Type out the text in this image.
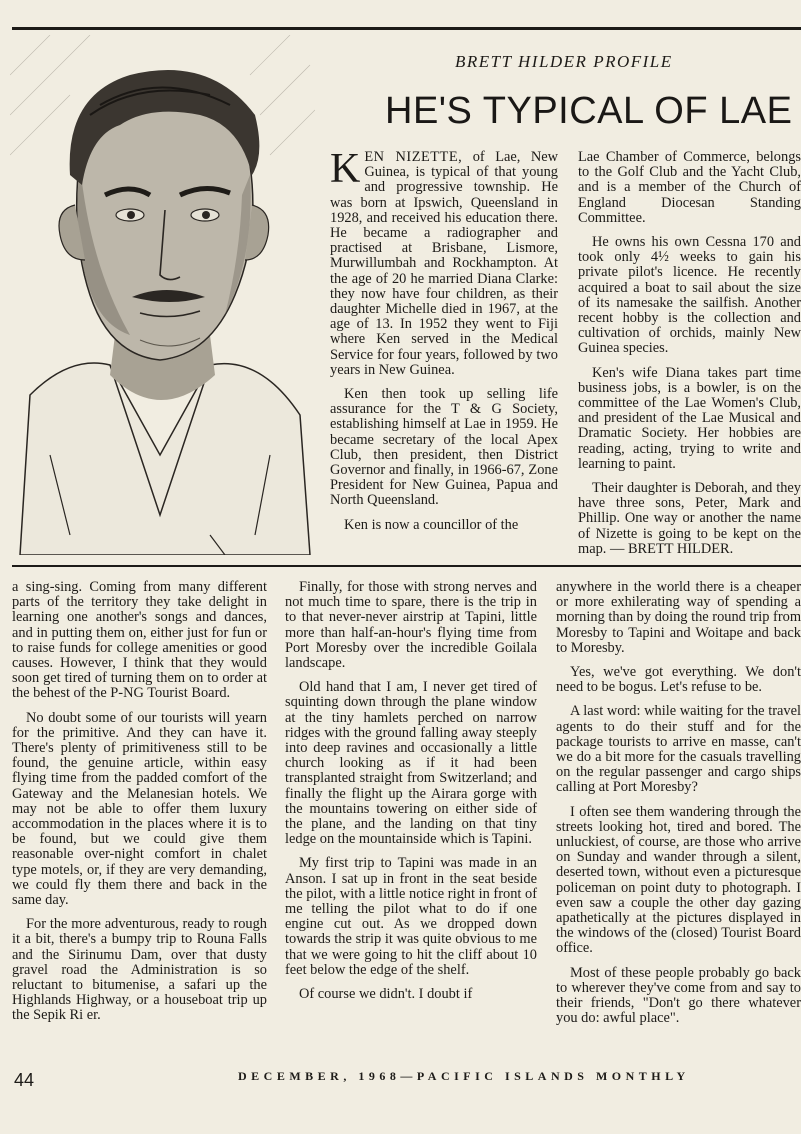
BRETT HILDER PROFILE
HE'S TYPICAL OF LAE

KEN NIZETTE, of Lae, New Guinea, is typical of that young and progressive township. He was born at Ipswich, Queensland in 1928, and received his education there. He became a radiographer and practised at Brisbane, Lismore, Murwillumbah and Rockhampton. At the age of 20 he married Diana Clarke: they now have four children, as their daughter Michelle died in 1967, at the age of 13. In 1952 they went to Fiji where Ken served in the Medical Service for four years, followed by two years in New Guinea.

Ken then took up selling life assurance for the T & G Society, establishing himself at Lae in 1959. He became secretary of the local Apex Club, then president, then District Governor and finally, in 1966-67, Zone President for New Guinea, Papua and North Queensland.

Ken is now a councillor of the

Lae Chamber of Commerce, belongs to the Golf Club and the Yacht Club, and is a member of the Church of England Diocesan Standing Committee.

He owns his own Cessna 170 and took only 4½ weeks to gain his private pilot's licence. He recently acquired a boat to sail about the size of its namesake the sailfish. Another recent hobby is the collection and cultivation of orchids, mainly New Guinea species.

Ken's wife Diana takes part time business jobs, is a bowler, is on the committee of the Lae Women's Club, and president of the Lae Musical and Dramatic Society. Her hobbies are reading, acting, trying to write and learning to paint.

Their daughter is Deborah, and they have three sons, Peter, Mark and Phillip. One way or another the name of Nizette is going to be kept on the map. — BRETT HILDER.

a sing-sing. Coming from many different parts of the territory they take delight in learning one another's songs and dances, and in putting them on, either just for fun or to raise funds for college amenities or good causes. However, I think that they would soon get tired of turning them on to order at the behest of the P-NG Tourist Board.

No doubt some of our tourists will yearn for the primitive. And they can have it. There's plenty of primitiveness still to be found, the genuine article, within easy flying time from the padded comfort of the Gateway and the Melanesian hotels. We may not be able to offer them luxury accommodation in the places where it is to be found, but we could give them reasonable over-night comfort in chalet type motels, or, if they are very demanding, we could fly them there and back in the same day.

For the more adventurous, ready to rough it a bit, there's a bumpy trip to Rouna Falls and the Sirinumu Dam, over that dusty gravel road the Administration is so reluctant to bitumenise, a safari up the Highlands Highway, or a houseboat trip up the Sepik Ri er.

Finally, for those with strong nerves and not much time to spare, there is the trip in to that never-never airstrip at Tapini, little more than half-an-hour's flying time from Port Moresby over the incredible Goilala landscape.

Old hand that I am, I never get tired of squinting down through the plane window at the tiny hamlets perched on narrow ridges with the ground falling away steeply into deep ravines and occasionally a little church looking as if it had been transplanted straight from Switzerland; and finally the flight up the Airara gorge with the mountains towering on either side of the plane, and the landing on that tiny ledge on the mountainside which is Tapini.

My first trip to Tapini was made in an Anson. I sat up in front in the seat beside the pilot, with a little notice right in front of me telling the pilot what to do if one engine cut out. As we dropped down towards the strip it was quite obvious to me that we were going to hit the cliff about 10 feet below the edge of the shelf.

Of course we didn't. I doubt if

anywhere in the world there is a cheaper or more exhilerating way of spending a morning than by doing the round trip from Moresby to Tapini and Woitape and back to Moresby.

Yes, we've got everything. We don't need to be bogus. Let's refuse to be.

A last word: while waiting for the travel agents to do their stuff and for the package tourists to arrive en masse, can't we do a bit more for the casuals travelling on the regular passenger and cargo ships calling at Port Moresby?

I often see them wandering through the streets looking hot, tired and bored. The unluckiest, of course, are those who arrive on Sunday and wander through a silent, deserted town, without even a picturesque policeman on point duty to photograph. I even saw a couple the other day gazing apathetically at the pictures displayed in the windows of the (closed) Tourist Board office.

Most of these people probably go back to wherever they've come from and say to their friends, "Don't go there whatever you do: awful place".

44	DECEMBER, 1968—PACIFIC ISLANDS MONTHLY
